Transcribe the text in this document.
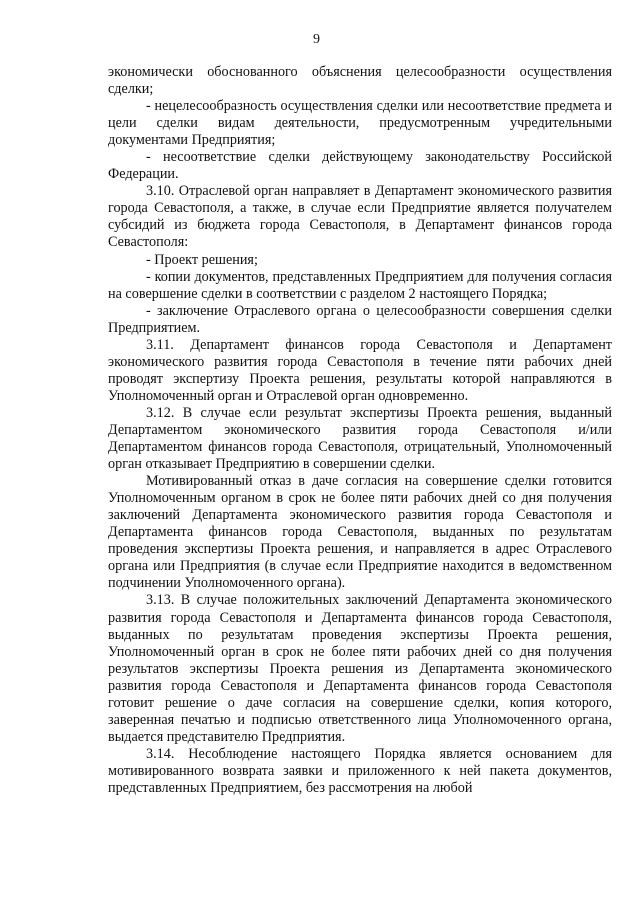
9

экономически обоснованного объяснения целесообразности осуществления сделки;

- нецелесообразность осуществления сделки или несоответствие предмета и цели сделки видам деятельности, предусмотренным учредительными документами Предприятия;

- несоответствие сделки действующему законодательству Российской Федерации.

3.10. Отраслевой орган направляет в Департамент экономического развития города Севастополя, а также, в случае если Предприятие является получателем субсидий из бюджета города Севастополя, в Департамент финансов города Севастополя:

- Проект решения;

- копии документов, представленных Предприятием для получения согласия на совершение сделки в соответствии с разделом 2 настоящего Порядка;

- заключение Отраслевого органа о целесообразности совершения сделки Предприятием.

3.11. Департамент финансов города Севастополя и Департамент экономического развития города Севастополя в течение пяти рабочих дней проводят экспертизу Проекта решения, результаты которой направляются в Уполномоченный орган и Отраслевой орган одновременно.

3.12. В случае если результат экспертизы Проекта решения, выданный Департаментом экономического развития города Севастополя и/или Департаментом финансов города Севастополя, отрицательный, Уполномоченный орган отказывает Предприятию в совершении сделки.

Мотивированный отказ в даче согласия на совершение сделки готовится Уполномоченным органом в срок не более пяти рабочих дней со дня получения заключений Департамента экономического развития города Севастополя и Департамента финансов города Севастополя, выданных по результатам проведения экспертизы Проекта решения, и направляется в адрес Отраслевого органа или Предприятия (в случае если Предприятие находится в ведомственном подчинении Уполномоченного органа).

3.13. В случае положительных заключений Департамента экономического развития города Севастополя и Департамента финансов города Севастополя, выданных по результатам проведения экспертизы Проекта решения, Уполномоченный орган в срок не более пяти рабочих дней со дня получения результатов экспертизы Проекта решения из Департамента экономического развития города Севастополя и Департамента финансов города Севастополя готовит решение о даче согласия на совершение сделки, копия которого, заверенная печатью и подписью ответственного лица Уполномоченного органа, выдается представителю Предприятия.

3.14. Несоблюдение настоящего Порядка является основанием для мотивированного возврата заявки и приложенного к ней пакета документов, представленных Предприятием, без рассмотрения на любой
